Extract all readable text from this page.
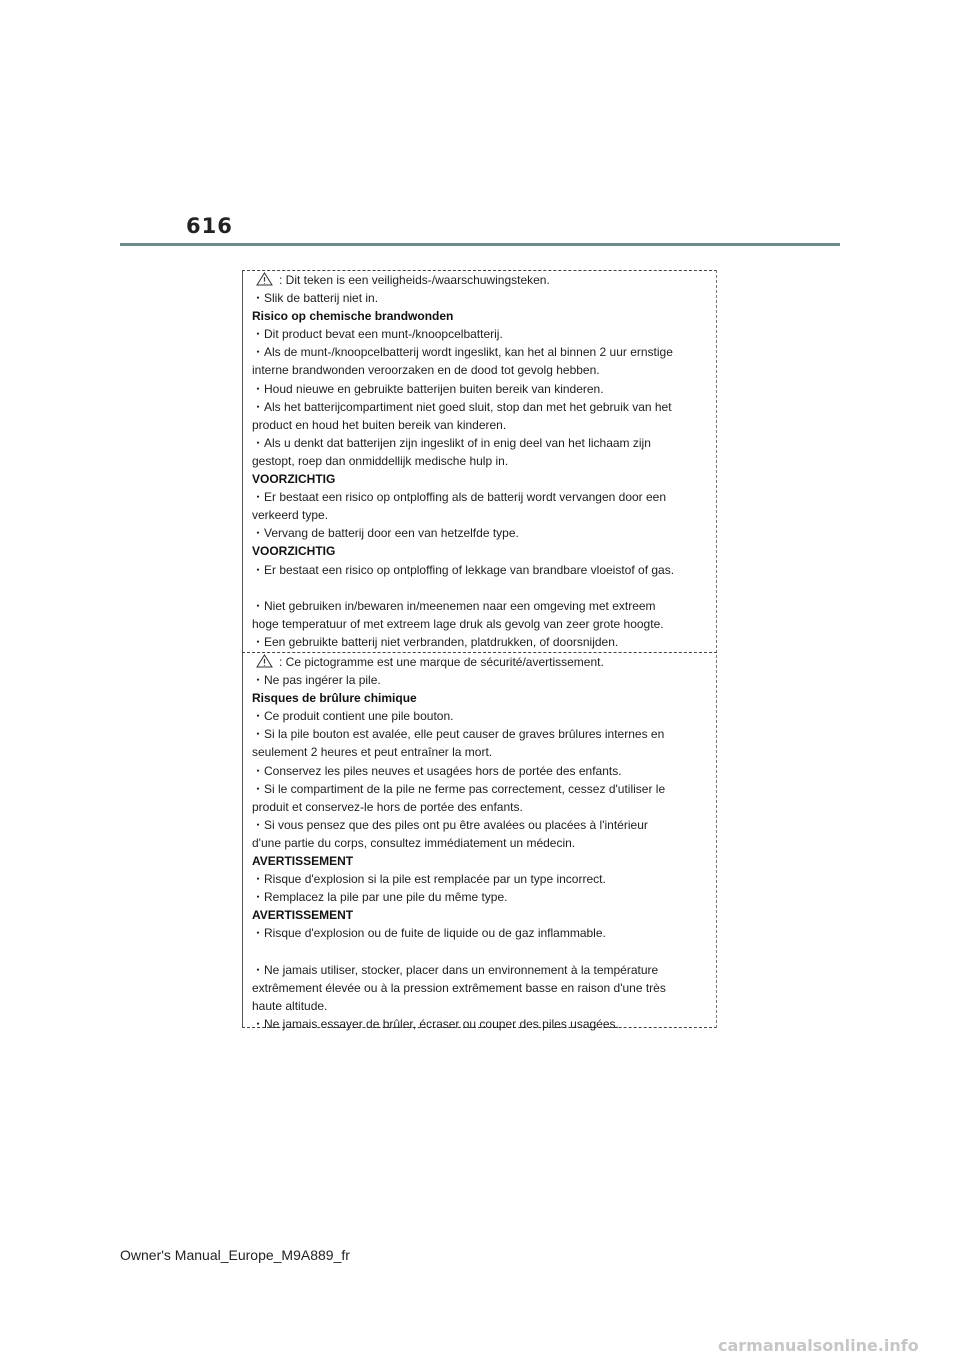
616
: Dit teken is een veiligheids-/waarschuwingsteken.
・Slik de batterij niet in.
Risico op chemische brandwonden
・Dit product bevat een munt-/knoopcelbatterij.
・Als de munt-/knoopcelbatterij wordt ingeslikt, kan het al binnen 2 uur ernstige
interne brandwonden veroorzaken en de dood tot gevolg hebben.
・Houd nieuwe en gebruikte batterijen buiten bereik van kinderen.
・Als het batterijcompartiment niet goed sluit, stop dan met het gebruik van het
product en houd het buiten bereik van kinderen.
・Als u denkt dat batterijen zijn ingeslikt of in enig deel van het lichaam zijn
gestopt, roep dan onmiddellijk medische hulp in.
VOORZICHTIG
・Er bestaat een risico op ontploffing als de batterij wordt vervangen door een
verkeerd type.
・Vervang de batterij door een van hetzelfde type.
VOORZICHTIG
・Er bestaat een risico op ontploffing of lekkage van brandbare vloeistof of gas.
・Niet gebruiken in/bewaren in/meenemen naar een omgeving met extreem
hoge temperatuur of met extreem lage druk als gevolg van zeer grote hoogte.
・Een gebruikte batterij niet verbranden, platdrukken, of doorsnijden.
: Ce pictogramme est une marque de sécurité/avertissement.
・Ne pas ingérer la pile.
Risques de brûlure chimique
・Ce produit contient une pile bouton.
・Si la pile bouton est avalée, elle peut causer de graves brûlures internes en
seulement 2 heures et peut entraîner la mort.
・Conservez les piles neuves et usagées hors de portée des enfants.
・Si le compartiment de la pile ne ferme pas correctement, cessez d'utiliser le
produit et conservez-le hors de portée des enfants.
・Si vous pensez que des piles ont pu être avalées ou placées à l'intérieur
d'une partie du corps, consultez immédiatement un médecin.
AVERTISSEMENT
・Risque d'explosion si la pile est remplacée par un type incorrect.
・Remplacez la pile par une pile du même type.
AVERTISSEMENT
・Risque d'explosion ou de fuite de liquide ou de gaz inflammable.
・Ne jamais utiliser, stocker, placer dans un environnement à la température
extrêmement élevée ou à la pression extrêmement basse en raison d'une très
haute altitude.
・Ne jamais essayer de brûler, écraser ou couper des piles usagées.
Owner's Manual_Europe_M9A889_fr
carmanualsonline.info
